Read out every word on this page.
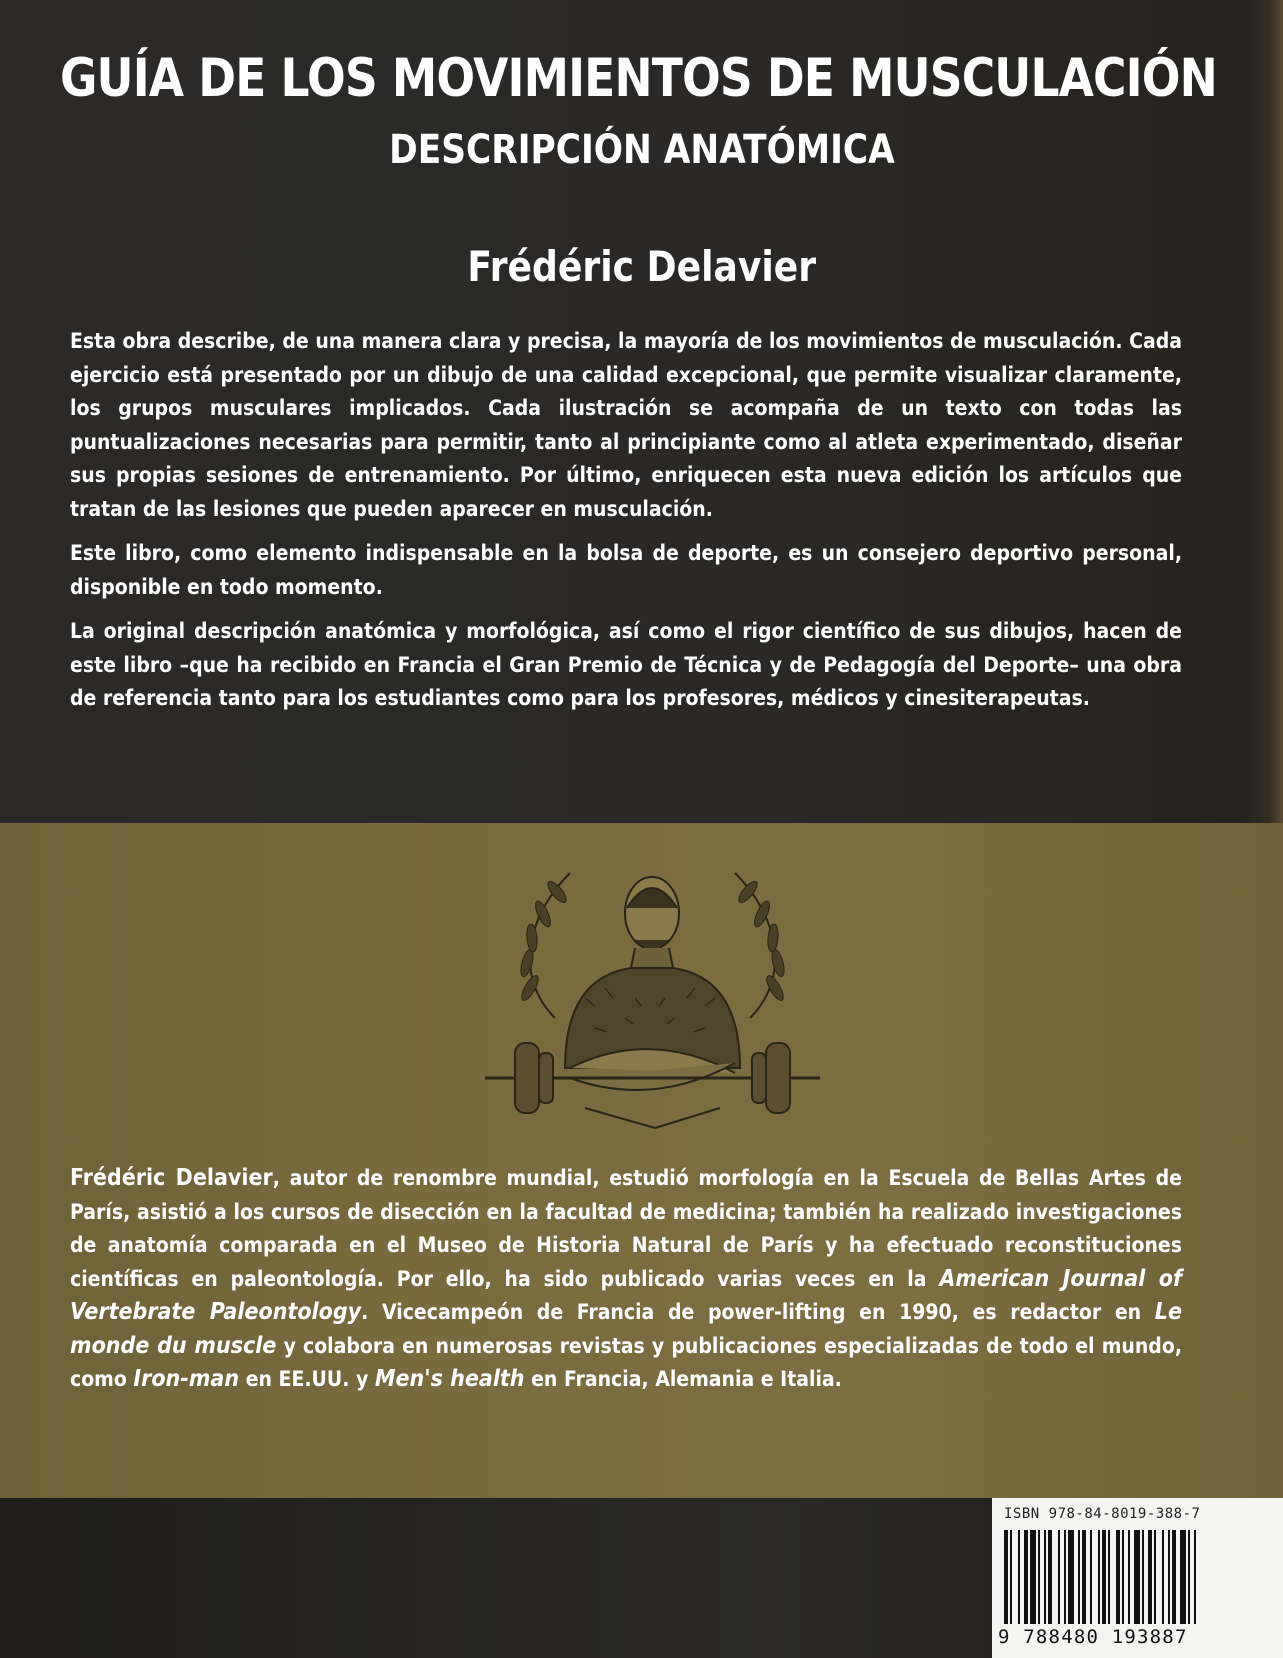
GUÍA DE LOS MOVIMIENTOS DE MUSCULACIÓN
DESCRIPCIÓN ANATÓMICA
Frédéric Delavier

Esta obra describe, de una manera clara y precisa, la mayoría de los movimientos de musculación. Cada ejercicio está presentado por un dibujo de una calidad excepcional, que permite visualizar claramente, los grupos musculares implicados. Cada ilustración se acompaña de un texto con todas las puntualizaciones necesarias para permitir, tanto al principiante como al atleta experimentado, diseñar sus propias sesiones de entrenamiento. Por último, enriquecen esta nueva edición los artículos que tratan de las lesiones que pueden aparecer en musculación.

Este libro, como elemento indispensable en la bolsa de deporte, es un consejero deportivo personal, disponible en todo momento.

La original descripción anatómica y morfológica, así como el rigor científico de sus dibujos, hacen de este libro –que ha recibido en Francia el Gran Premio de Técnica y de Pedagogía del Deporte– una obra de referencia tanto para los estudiantes como para los profesores, médicos y cinesiterapeutas.

Frédéric Delavier, autor de renombre mundial, estudió morfología en la Escuela de Bellas Artes de París, asistió a los cursos de disección en la facultad de medicina; también ha realizado investigaciones de anatomía comparada en el Museo de Historia Natural de París y ha efectuado reconstituciones científicas en paleontología. Por ello, ha sido publicado varias veces en la American Journal of Vertebrate Paleontology. Vicecampeón de Francia de power-lifting en 1990, es redactor en Le monde du muscle y colabora en numerosas revistas y publicaciones especializadas de todo el mundo, como Iron-man en EE.UU. y Men's health en Francia, Alemania e Italia.
ISBN 978-84-8019-388-7
9 788480 193887
